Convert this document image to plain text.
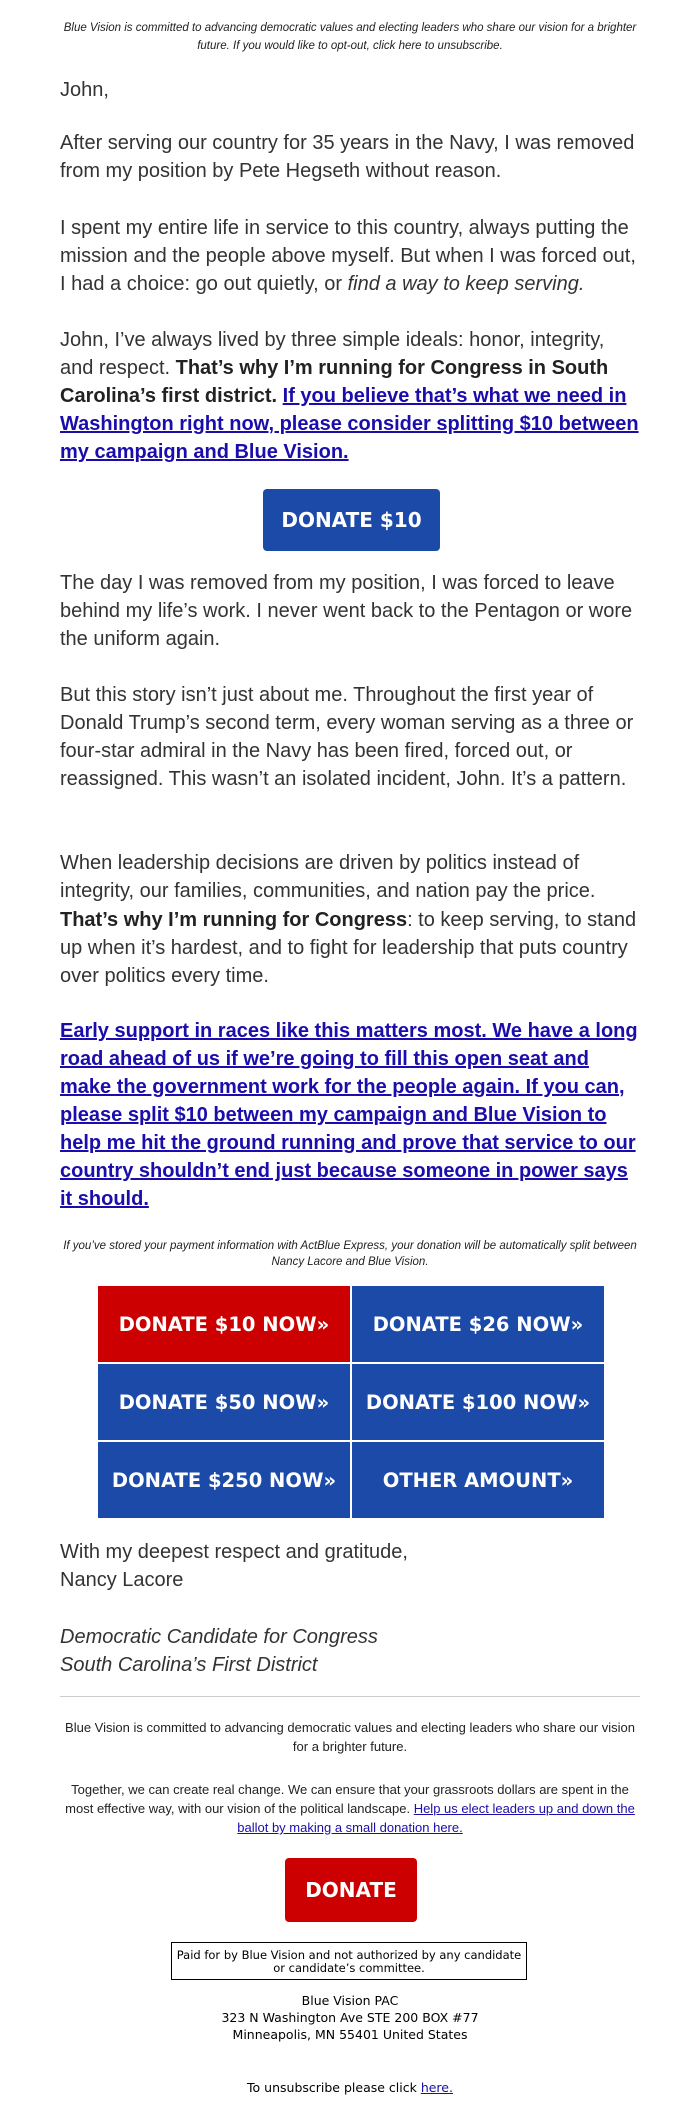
Blue Vision is committed to advancing democratic values and electing leaders who share our vision for a brighter future. If you would like to opt-out, click here to unsubscribe.

John,

After serving our country for 35 years in the Navy, I was removed from my position by Pete Hegseth without reason.

I spent my entire life in service to this country, always putting the mission and the people above myself. But when I was forced out, I had a choice: go out quietly, or find a way to keep serving.

John, I’ve always lived by three simple ideals: honor, integrity, and respect. That’s why I’m running for Congress in South Carolina’s first district. If you believe that’s what we need in Washington right now, please consider splitting $10 between my campaign and Blue Vision.

DONATE $10

The day I was removed from my position, I was forced to leave behind my life’s work. I never went back to the Pentagon or wore the uniform again.

But this story isn’t just about me. Throughout the first year of Donald Trump’s second term, every woman serving as a three or four-star admiral in the Navy has been fired, forced out, or reassigned. This wasn’t an isolated incident, John. It’s a pattern.

When leadership decisions are driven by politics instead of integrity, our families, communities, and nation pay the price.

That’s why I’m running for Congress: to keep serving, to stand up when it’s hardest, and to fight for leadership that puts country over politics every time.

Early support in races like this matters most. We have a long road ahead of us if we’re going to fill this open seat and make the government work for the people again. If you can, please split $10 between my campaign and Blue Vision to help me hit the ground running and prove that service to our country shouldn’t end just because someone in power says it should.

If you’ve stored your payment information with ActBlue Express, your donation will be automatically split between Nancy Lacore and Blue Vision.
DONATE $10 NOW»	DONATE $26 NOW»
DONATE $50 NOW»	DONATE $100 NOW»
DONATE $250 NOW»	OTHER AMOUNT»

With my deepest respect and gratitude,

Nancy Lacore

Democratic Candidate for Congress

South Carolina’s First District

Blue Vision is committed to advancing democratic values and electing leaders who share our vision for a brighter future.
Together, we can create real change. We can ensure that your grassroots dollars are spent in the most effective way, with our vision of the political landscape. Help us elect leaders up and down the ballot by making a small donation here.
DONATE
Paid for by Blue Vision and not authorized by any candidate or candidate’s committee.
Blue Vision PAC
323 N Washington Ave STE 200 BOX #77
Minneapolis, MN 55401 United States
To unsubscribe please click here.
